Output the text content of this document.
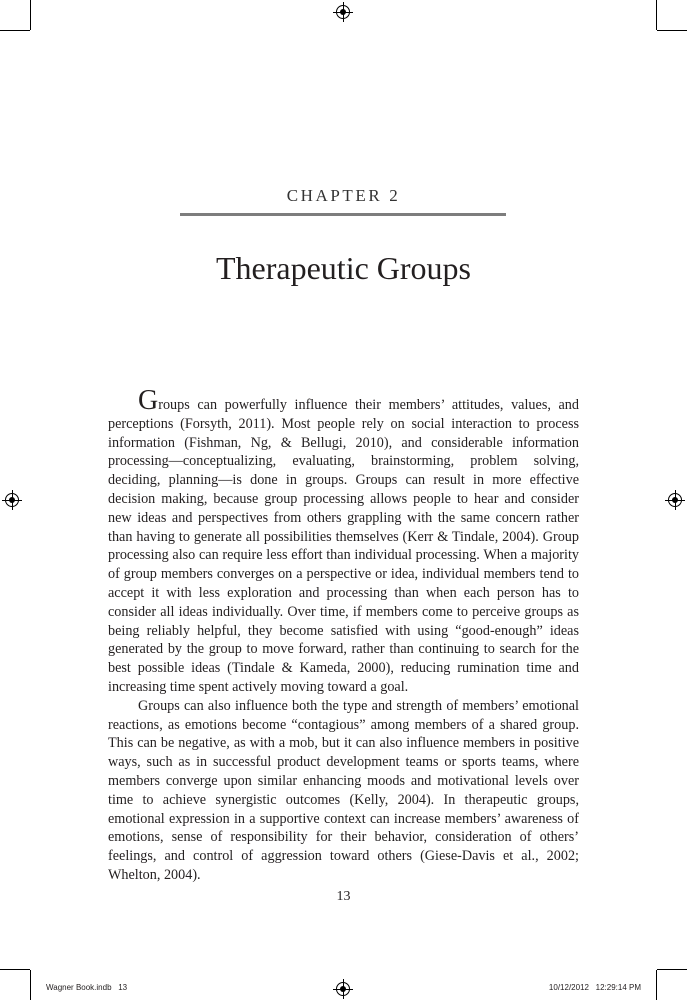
CHAPTER 2
Therapeutic Groups

Groups can powerfully influence their members’ attitudes, values, and perceptions (Forsyth, 2011). Most people rely on social interaction to process information (Fishman, Ng, & Bellugi, 2010), and considerable information processing—conceptualizing, evaluating, brainstorming, problem solving, deciding, planning—is done in groups. Groups can result in more effective decision making, because group processing allows people to hear and consider new ideas and perspectives from others grappling with the same concern rather than having to generate all possibilities themselves (Kerr & Tindale, 2004). Group processing also can require less effort than individual processing. When a majority of group members converges on a perspective or idea, individual members tend to accept it with less exploration and processing than when each person has to consider all ideas individually. Over time, if members come to perceive groups as being reliably helpful, they become satisfied with using “good-enough” ideas generated by the group to move forward, rather than continuing to search for the best possible ideas (Tindale & Kameda, 2000), reducing rumination time and increasing time spent actively moving toward a goal.

Groups can also influence both the type and strength of members’ emotional reactions, as emotions become “contagious” among members of a shared group. This can be negative, as with a mob, but it can also influence members in positive ways, such as in successful product development teams or sports teams, where members converge upon similar enhancing moods and motivational levels over time to achieve synergistic outcomes (Kelly, 2004). In therapeutic groups, emotional expression in a supportive context can increase members’ awareness of emotions, sense of responsibility for their behavior, consideration of others’ feelings, and control of aggression toward others (Giese-Davis et al., 2002; Whelton, 2004).

13
Wagner Book.indb   13	10/12/2012   12:29:14 PM
